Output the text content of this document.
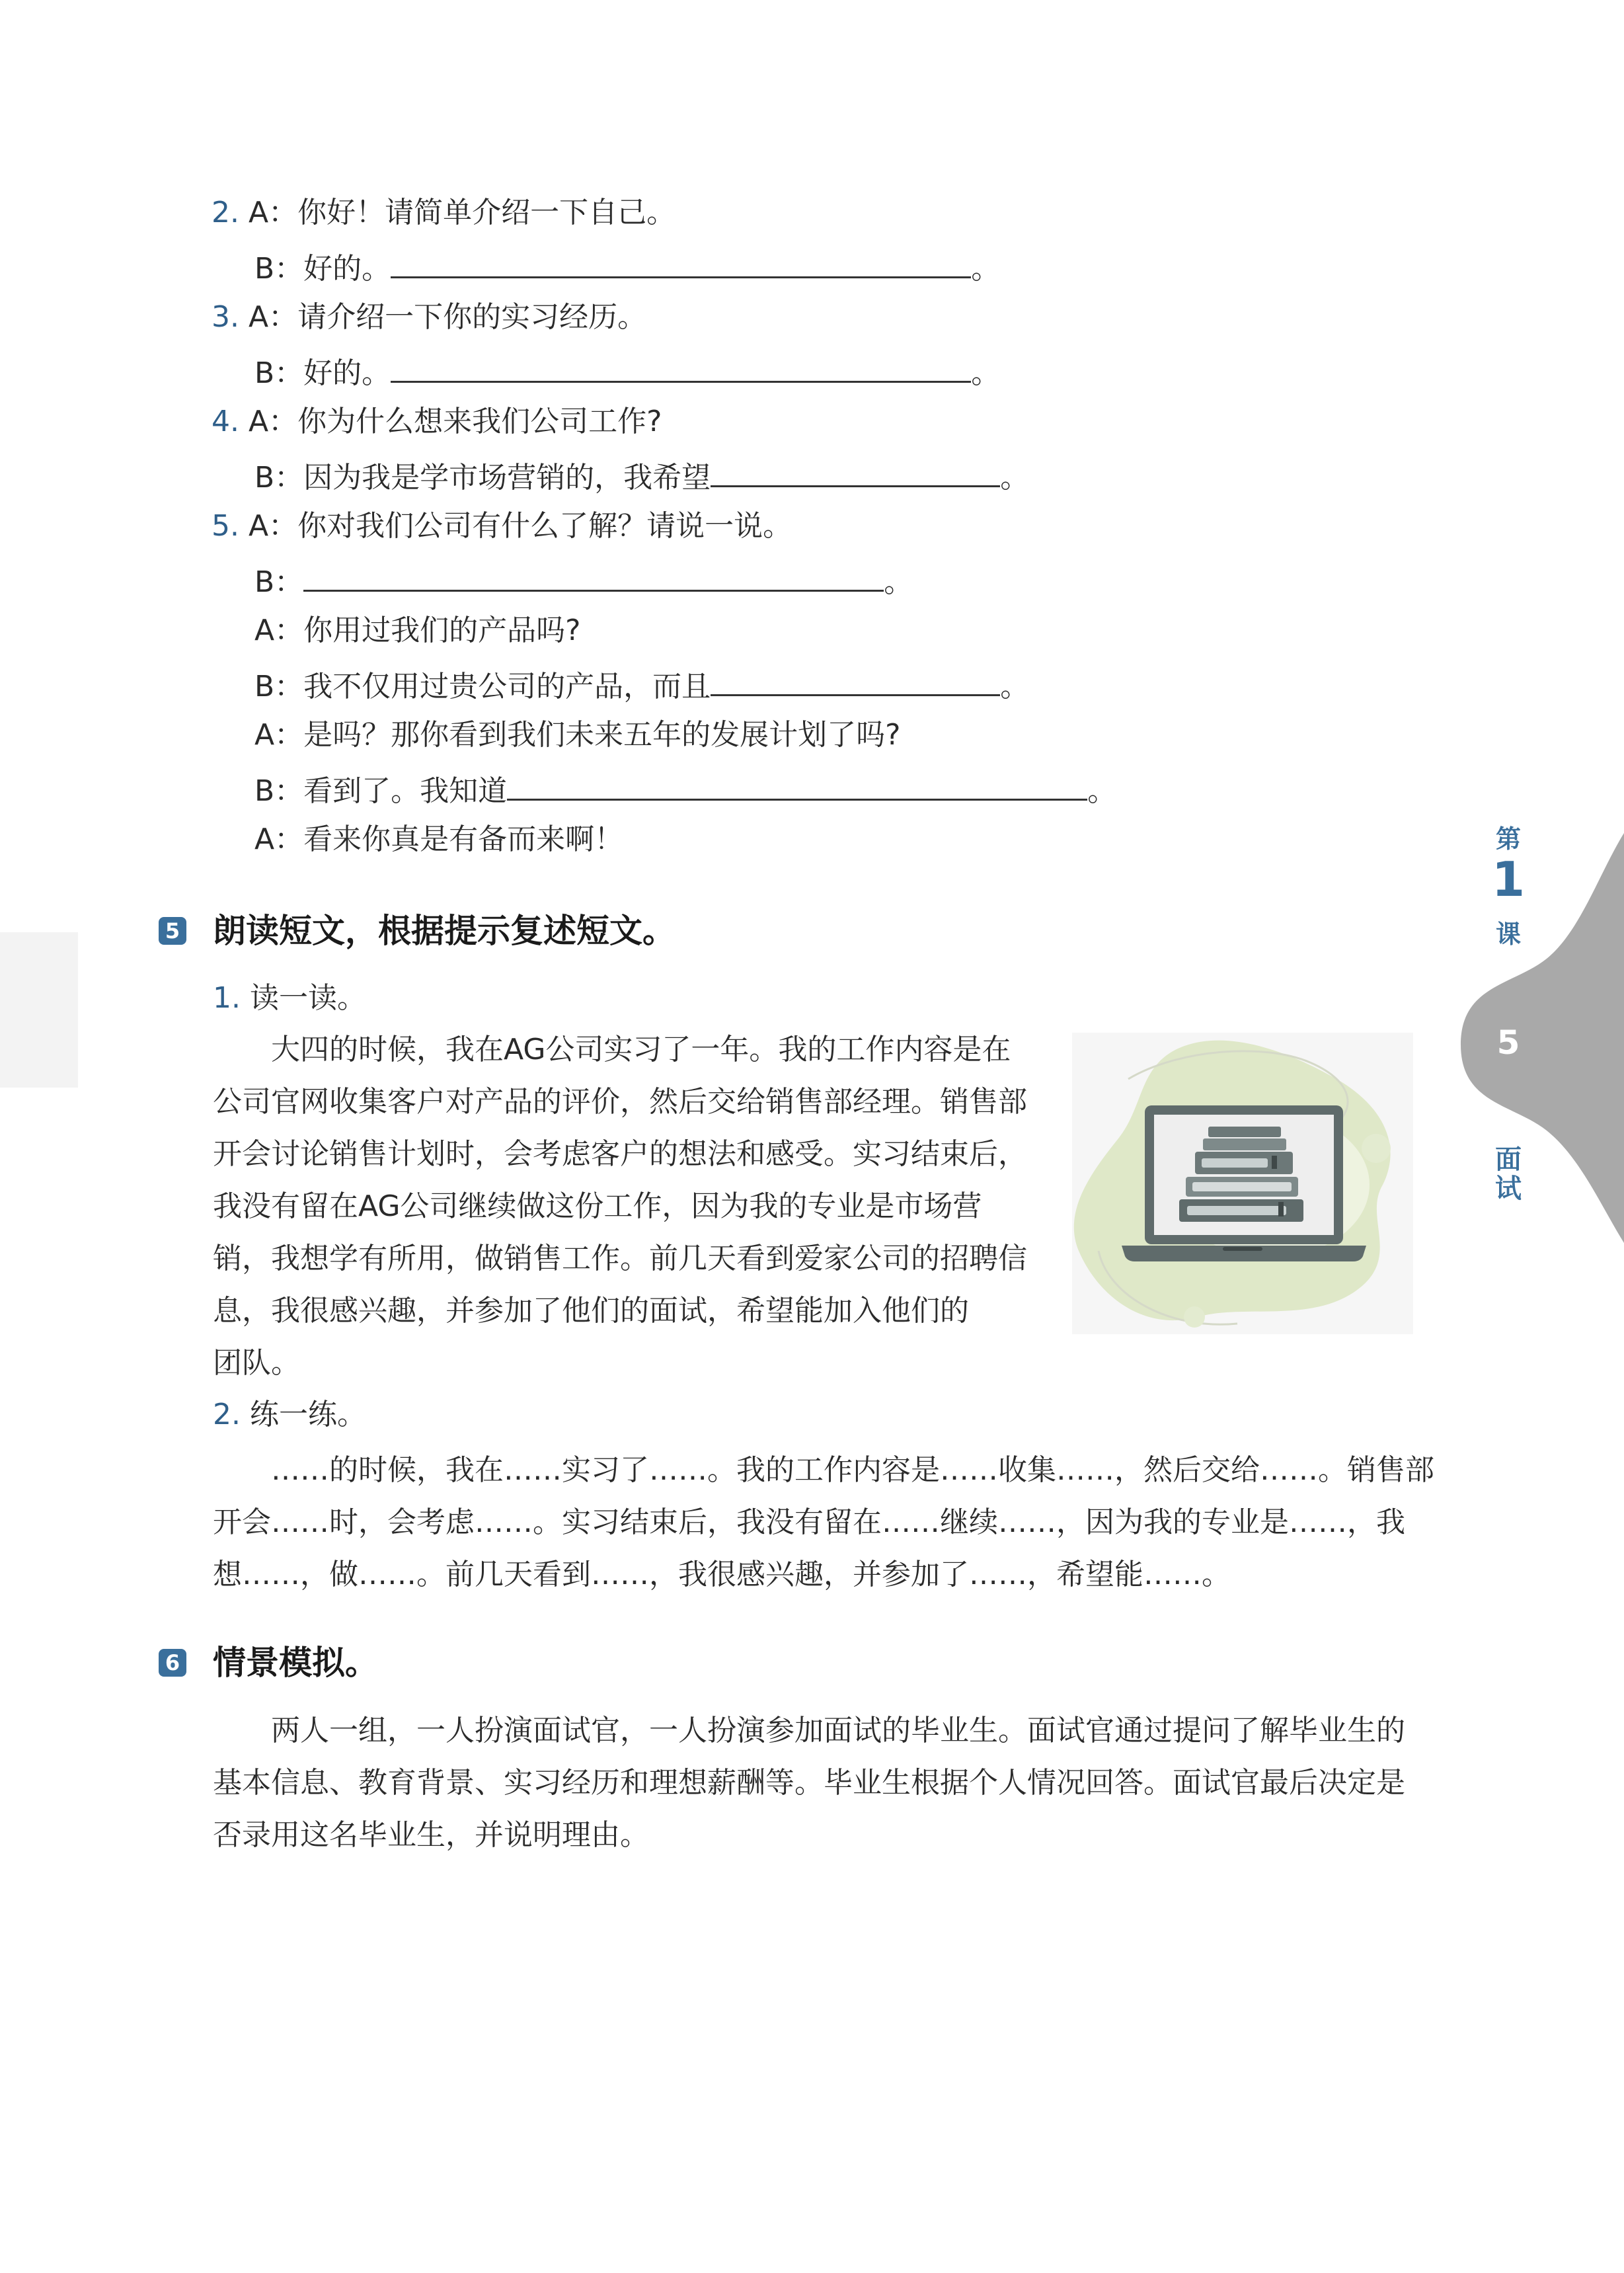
2. A：你好！请简单介绍一下自己。
B：好的。	。
3. A：请介绍一下你的实习经历。
B：好的。	。
4. A：你为什么想来我们公司工作?
B：因为我是学市场营销的，我希望	。
5. A：你对我们公司有什么了解？请说一说。
B：	。
A：你用过我们的产品吗?
B：我不仅用过贵公司的产品，而且	。
A：是吗？那你看到我们未来五年的发展计划了吗?
B：看到了。我知道	。
A：看来你真是有备而来啊！
5 朗读短文，根据提示复述短文。
1. 读一读。

大四的时候，我在AG公司实习了一年。我的工作内容是在

公司官网收集客户对产品的评价，然后交给销售部经理。销售部

开会讨论销售计划时，会考虑客户的想法和感受。实习结束后，

我没有留在AG公司继续做这份工作，因为我的专业是市场营

销，我想学有所用，做销售工作。前几天看到爱家公司的招聘信

息，我很感兴趣，并参加了他们的面试，希望能加入他们的

团队。

2. 练一练。

……的时候，我在……实习了……。我的工作内容是……收集……，然后交给……。销售部

开会……时，会考虑……。实习结束后，我没有留在……继续……，因为我的专业是……，我

想……，做……。前几天看到……，我很感兴趣，并参加了……，希望能……。

6 情景模拟。

两人一组，一人扮演面试官，一人扮演参加面试的毕业生。面试官通过提问了解毕业生的

基本信息、教育背景、实习经历和理想薪酬等。毕业生根据个人情况回答。面试官最后决定是

否录用这名毕业生，并说明理由。

第
1
课
5
面
试
